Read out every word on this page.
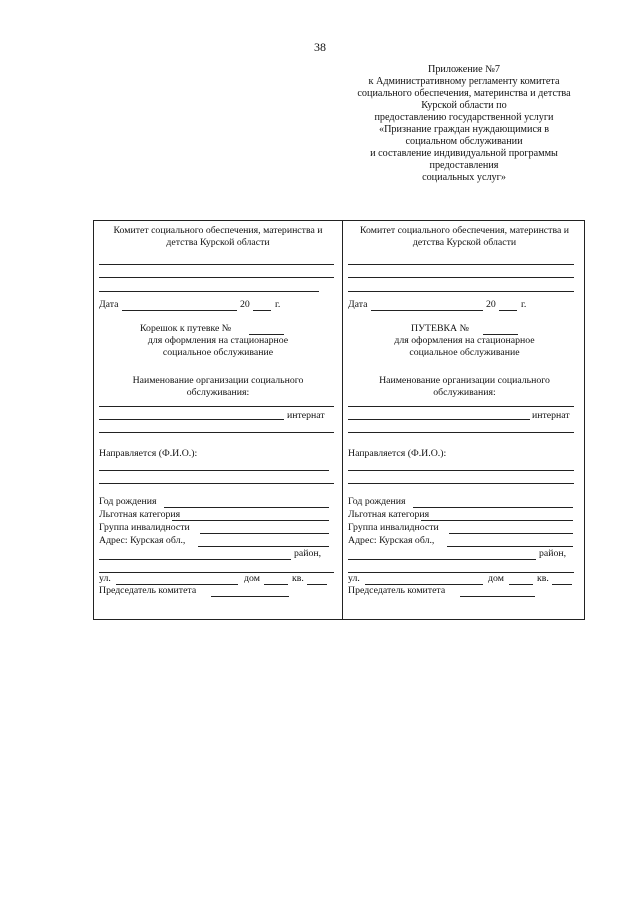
38
Приложение №7
к Административному регламенту комитета
социального обеспечения, материнства и детства
Курской области по
предоставлению государственной услуги
«Признание граждан нуждающимися в
социальном обслуживании
и составление индивидуальной программы
предоставления
социальных услуг»
Комитет социального обеспечения, материнства и
детства Курской области
Дата	20	г.
Корешок к путевке №
для оформления на стационарное
социальное обслуживание
Наименование организации социального
обслуживания:
интернат
Направляется (Ф.И.О.):
Год рождения
Льготная категория
Группа инвалидности
Адрес: Курская обл.,
район,
ул.	дом	кв.
Председатель комитета
Комитет социального обеспечения, материнства и
детства Курской области
Дата	20	г.
ПУТЕВКА №
для оформления на стационарное
социальное обслуживание
Наименование организации социального
обслуживания:
интернат
Направляется (Ф.И.О.):
Год рождения
Льготная категория
Группа инвалидности
Адрес: Курская обл.,
район,
ул.	дом	кв.
Председатель комитета
